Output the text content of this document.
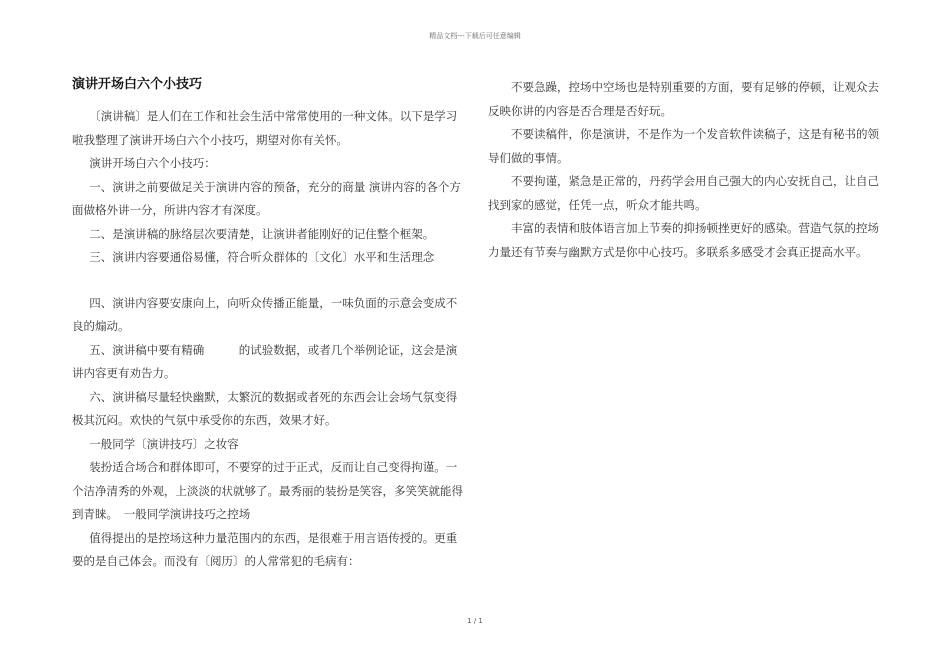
精品文档---下载后可任意编辑
演讲开场白六个小技巧

〔演讲稿〕是人们在工作和社会生活中常常使用的一种文体。以下是学习啦我整理了演讲开场白六个小技巧，期望对你有关怀。

演讲开场白六个小技巧：

一、演讲之前要做足关于演讲内容的预备，充分的商量 演讲内容的各个方面做格外讲一分，所讲内容才有深度。

二、是演讲稿的脉络层次要清楚，让演讲者能刚好的记住整个框架。

三、演讲内容要通俗易懂，符合听众群体的〔文化〕水平和生活理念

四、演讲内容要安康向上，向听众传播正能量，一味负面的示意会变成不良的煽动。

五、演讲稿中要有精确　　　的试验数据，或者几个举例论证，这会是演讲内容更有劝告力。

六、演讲稿尽量轻快幽默，太繁沉的数据或者死的东西会让会场气氛变得极其沉闷。欢快的气氛中承受你的东西，效果才好。

一般同学〔演讲技巧〕之妆容

装扮适合场合和群体即可，不要穿的过于正式，反而让自己变得拘谨。一个洁净清秀的外观，上淡淡的状就够了。最秀丽的装扮是笑容，多笑笑就能得到青睐。　一般同学演讲技巧之控场

值得提出的是控场这种力量范围内的东西，是很难于用言语传授的。更重要的是自己体会。而没有〔阅历〕的人常常犯的毛病有：

不要急躁，控场中空场也是特别重要的方面，要有足够的停顿，让观众去反映你讲的内容是否合理是否好玩。

不要读稿件，你是演讲，不是作为一个发音软件读稿子，这是有秘书的领导们做的事情。

不要拘谨，紧急是正常的，丹药学会用自己强大的内心安抚自己，让自己找到家的感觉，任凭一点，听众才能共鸣。

丰富的表情和肢体语言加上节奏的抑扬顿挫更好的感染。营造气氛的控场力量还有节奏与幽默方式是你中心技巧。多联系多感受才会真正提高水平。

1 / 1
